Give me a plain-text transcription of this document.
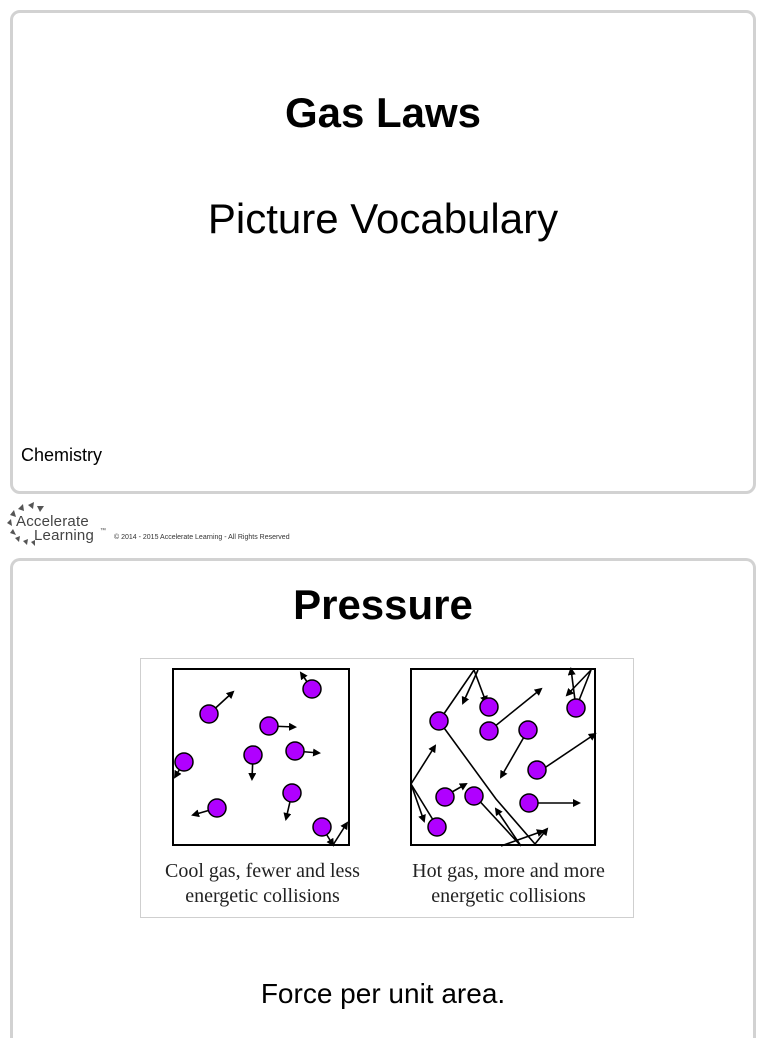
Gas Laws
Picture Vocabulary
Chemistry
Accelerate
Learning ™
© 2014 - 2015 Accelerate Learning - All Rights Reserved
Pressure
Cool gas, fewer and less energetic collisions
Hot gas, more and more energetic collisions
Force per unit area.
